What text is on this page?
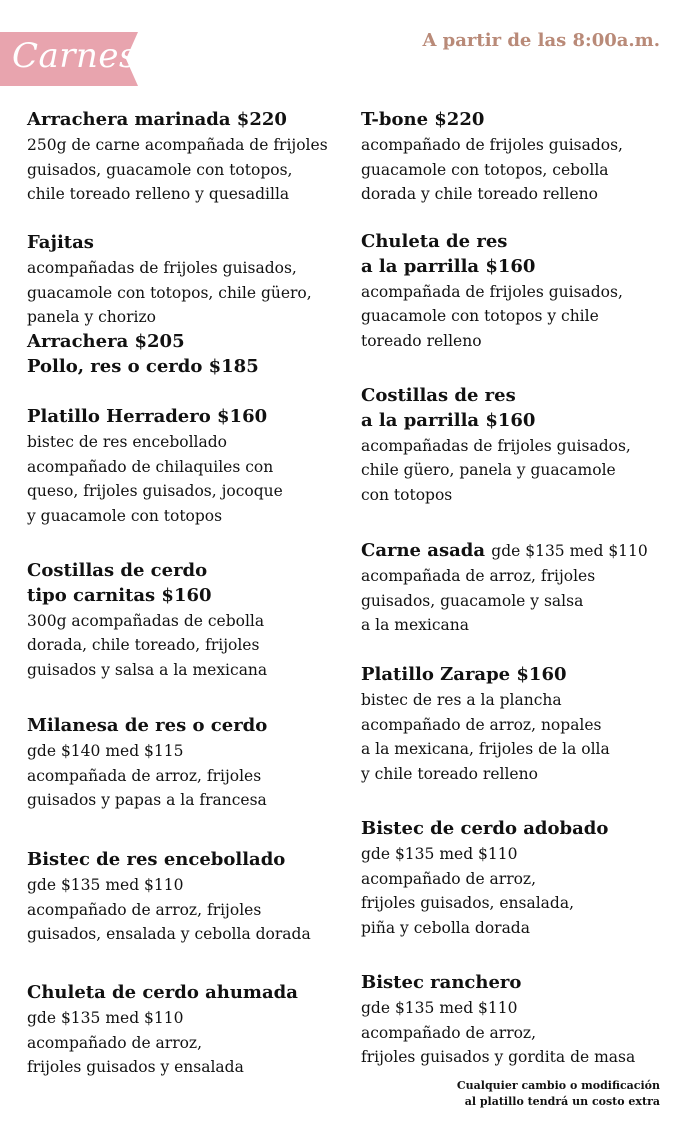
Carnes	A partir de las 8:00a.m.
Arrachera marinada $220
250g de carne acompañada de frijoles
guisados, guacamole con totopos,
chile toreado relleno y quesadilla
Fajitas
acompañadas de frijoles guisados,
guacamole con totopos, chile güero,
panela y chorizo
Arrachera $205
Pollo, res o cerdo $185
Platillo Herradero $160
bistec de res encebollado
acompañado de chilaquiles con
queso, frijoles guisados, jocoque
y guacamole con totopos
Costillas de cerdo
tipo carnitas $160
300g acompañadas de cebolla
dorada, chile toreado, frijoles
guisados y salsa a la mexicana
Milanesa de res o cerdo
gde $140 med $115
acompañada de arroz, frijoles
guisados y papas a la francesa
Bistec de res encebollado
gde $135 med $110
acompañado de arroz, frijoles
guisados, ensalada y cebolla dorada
Chuleta de cerdo ahumada
gde $135 med $110
acompañado de arroz,
frijoles guisados y ensalada
T-bone $220
acompañado de frijoles guisados,
guacamole con totopos, cebolla
dorada y chile toreado relleno
Chuleta de res
a la parrilla $160
acompañada de frijoles guisados,
guacamole con totopos y chile
toreado relleno
Costillas de res
a la parrilla $160
acompañadas de frijoles guisados,
chile güero, panela y guacamole
con totopos
Carne asada gde $135 med $110
acompañada de arroz, frijoles
guisados, guacamole y salsa
a la mexicana
Platillo Zarape $160
bistec de res a la plancha
acompañado de arroz, nopales
a la mexicana, frijoles de la olla
y chile toreado relleno
Bistec de cerdo adobado
gde $135 med $110
acompañado de arroz,
frijoles guisados, ensalada,
piña y cebolla dorada
Bistec ranchero
gde $135 med $110
acompañado de arroz,
frijoles guisados y gordita de masa
Cualquier cambio o modificación
al platillo tendrá un costo extra
